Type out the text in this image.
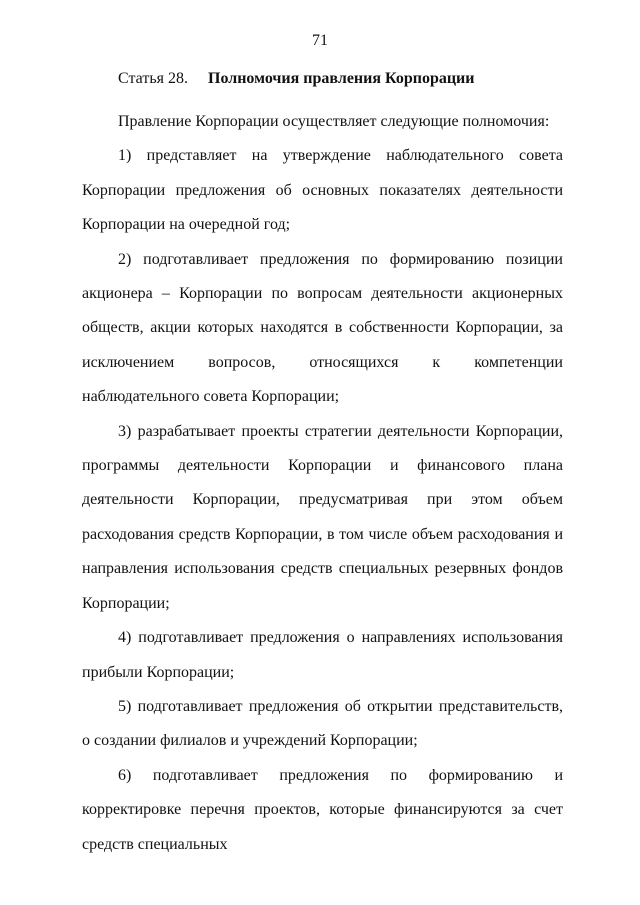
71
Статья 28. Полномочия правления Корпорации

Правление Корпорации осуществляет следующие полномочия:

1) представляет на утверждение наблюдательного совета Корпорации предложения об основных показателях деятельности Корпорации на очередной год;

2) подготавливает предложения по формированию позиции акционера – Корпорации по вопросам деятельности акционерных обществ, акции которых находятся в собственности Корпорации, за исключением вопросов, относящихся к компетенции наблюдательного совета Корпорации;

3) разрабатывает проекты стратегии деятельности Корпорации, программы деятельности Корпорации и финансового плана деятельности Корпорации, предусматривая при этом объем расходования средств Корпорации, в том числе объем расходования и направления использования средств специальных резервных фондов Корпорации;

4) подготавливает предложения о направлениях использования прибыли Корпорации;

5) подготавливает предложения об открытии представительств, о создании филиалов и учреждений Корпорации;

6) подготавливает предложения по формированию и корректировке перечня проектов, которые финансируются за счет средств специальных
